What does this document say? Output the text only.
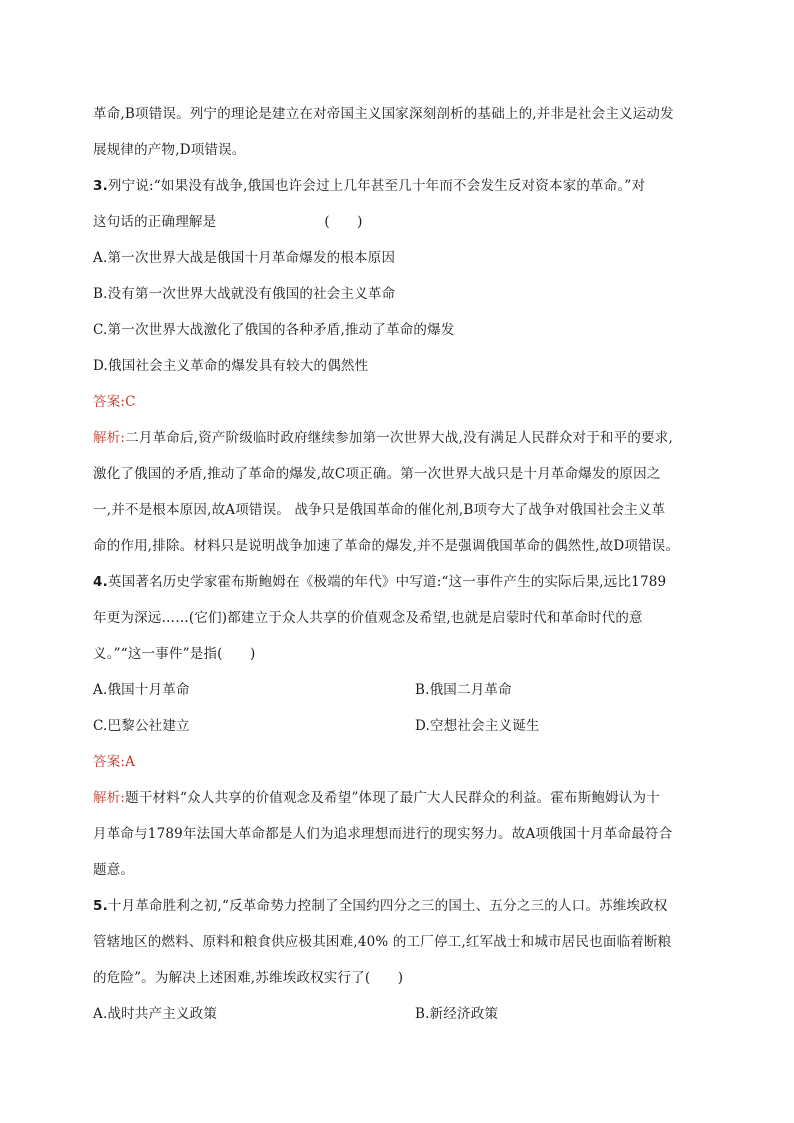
革命,B项错误。列宁的理论是建立在对帝国主义国家深刻剖析的基础上的,并非是社会主义运动发
展规律的产物,D项错误。
3.列宁说:“如果没有战争,俄国也许会过上几年甚至几十年而不会发生反对资本家的革命。”对
这句话的正确理解是	(　　)
A.第一次世界大战是俄国十月革命爆发的根本原因
B.没有第一次世界大战就没有俄国的社会主义革命
C.第一次世界大战激化了俄国的各种矛盾,推动了革命的爆发
D.俄国社会主义革命的爆发具有较大的偶然性
答案:C
解析:二月革命后,资产阶级临时政府继续参加第一次世界大战,没有满足人民群众对于和平的要求,
激化了俄国的矛盾,推动了革命的爆发,故C项正确。第一次世界大战只是十月革命爆发的原因之
一,并不是根本原因,故A项错误。 战争只是俄国革命的催化剂,B项夸大了战争对俄国社会主义革
命的作用,排除。材料只是说明战争加速了革命的爆发,并不是强调俄国革命的偶然性,故D项错误。
4.英国著名历史学家霍布斯鲍姆在《极端的年代》中写道:“这一事件产生的实际后果,远比1789
年更为深远……(它们)都建立于众人共享的价值观念及希望,也就是启蒙时代和革命时代的意
义。”“这一事件”是指(　　)
A.俄国十月革命	B.俄国二月革命
C.巴黎公社建立	D.空想社会主义诞生
答案:A
解析:题干材料“众人共享的价值观念及希望”体现了最广大人民群众的利益。霍布斯鲍姆认为十
月革命与1789年法国大革命都是人们为追求理想而进行的现实努力。故A项俄国十月革命最符合
题意。
5.十月革命胜利之初,“反革命势力控制了全国约四分之三的国土、五分之三的人口。苏维埃政权
管辖地区的燃料、原料和粮食供应极其困难,40% 的工厂停工,红军战士和城市居民也面临着断粮
的危险”。为解决上述困难,苏维埃政权实行了(　　)
A.战时共产主义政策	B.新经济政策
